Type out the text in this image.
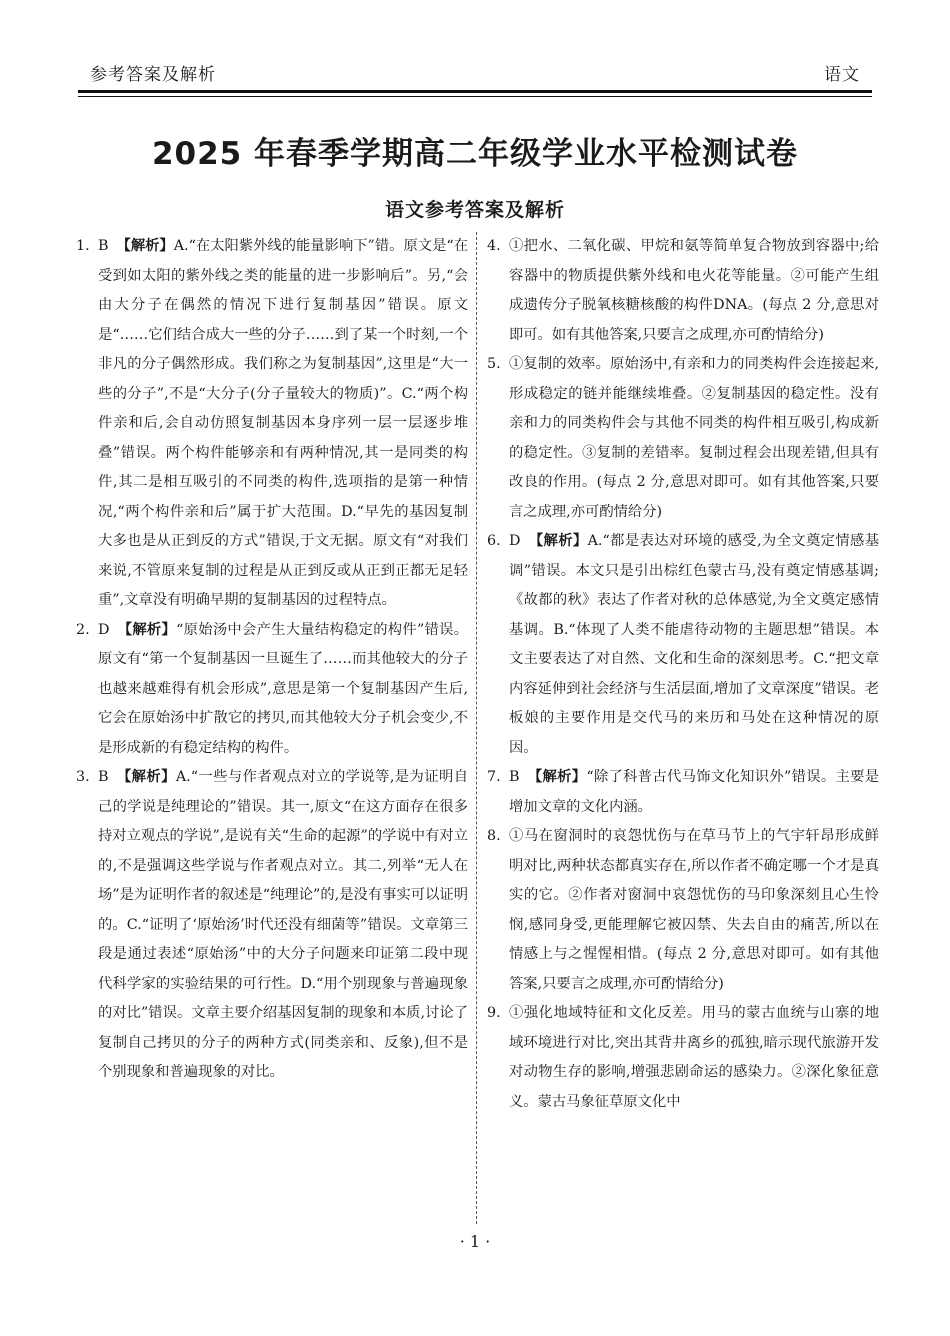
参考答案及解析	语文
2025 年春季学期高二年级学业水平检测试卷
语文参考答案及解析
1. B 【解析】A.“在太阳紫外线的能量影响下”错。原文是“在受到如太阳的紫外线之类的能量的进一步影响后”。另,“会由大分子在偶然的情况下进行复制基因”错误。原文是“……它们结合成大一些的分子……到了某一个时刻,一个非凡的分子偶然形成。我们称之为复制基因”,这里是“大一些的分子”,不是“大分子(分子量较大的物质)”。C.“两个构件亲和后,会自动仿照复制基因本身序列一层一层逐步堆叠”错误。两个构件能够亲和有两种情况,其一是同类的构件,其二是相互吸引的不同类的构件,选项指的是第一种情况,“两个构件亲和后”属于扩大范围。D.“早先的基因复制大多也是从正到反的方式”错误,于文无据。原文有“对我们来说,不管原来复制的过程是从正到反或从正到正都无足轻重”,文章没有明确早期的复制基因的过程特点。
2. D 【解析】“原始汤中会产生大量结构稳定的构件”错误。原文有“第一个复制基因一旦诞生了……而其他较大的分子也越来越难得有机会形成”,意思是第一个复制基因产生后,它会在原始汤中扩散它的拷贝,而其他较大分子机会变少,不是形成新的有稳定结构的构件。
3. B 【解析】A.“一些与作者观点对立的学说等,是为证明自己的学说是纯理论的”错误。其一,原文“在这方面存在很多持对立观点的学说”,是说有关“生命的起源”的学说中有对立的,不是强调这些学说与作者观点对立。其二,列举“无人在场”是为证明作者的叙述是“纯理论”的,是没有事实可以证明的。C.“证明了‘原始汤’时代还没有细菌等”错误。文章第三段是通过表述“原始汤”中的大分子问题来印证第二段中现代科学家的实验结果的可行性。D.“用个别现象与普遍现象的对比”错误。文章主要介绍基因复制的现象和本质,讨论了复制自己拷贝的分子的两种方式(同类亲和、反象),但不是个别现象和普遍现象的对比。
4. ①把水、二氧化碳、甲烷和氨等简单复合物放到容器中;给容器中的物质提供紫外线和电火花等能量。②可能产生组成遗传分子脱氧核糖核酸的构件DNA。(每点 2 分,意思对即可。如有其他答案,只要言之成理,亦可酌情给分)
5. ①复制的效率。原始汤中,有亲和力的同类构件会连接起来,形成稳定的链并能继续堆叠。②复制基因的稳定性。没有亲和力的同类构件会与其他不同类的构件相互吸引,构成新的稳定性。③复制的差错率。复制过程会出现差错,但具有改良的作用。(每点 2 分,意思对即可。如有其他答案,只要言之成理,亦可酌情给分)
6. D 【解析】A.“都是表达对环境的感受,为全文奠定情感基调”错误。本文只是引出棕红色蒙古马,没有奠定情感基调;《故都的秋》表达了作者对秋的总体感觉,为全文奠定感情基调。B.“体现了人类不能虐待动物的主题思想”错误。本文主要表达了对自然、文化和生命的深刻思考。C.“把文章内容延伸到社会经济与生活层面,增加了文章深度”错误。老板娘的主要作用是交代马的来历和马处在这种情况的原因。
7. B 【解析】“除了科普古代马饰文化知识外”错误。主要是增加文章的文化内涵。
8. ①马在窗洞时的哀怨忧伤与在草马节上的气宇轩昂形成鲜明对比,两种状态都真实存在,所以作者不确定哪一个才是真实的它。②作者对窗洞中哀怨忧伤的马印象深刻且心生怜悯,感同身受,更能理解它被囚禁、失去自由的痛苦,所以在情感上与之惺惺相惜。(每点 2 分,意思对即可。如有其他答案,只要言之成理,亦可酌情给分)
9. ①强化地域特征和文化反差。用马的蒙古血统与山寨的地域环境进行对比,突出其背井离乡的孤独,暗示现代旅游开发对动物生存的影响,增强悲剧命运的感染力。②深化象征意义。蒙古马象征草原文化中
· 1 ·
